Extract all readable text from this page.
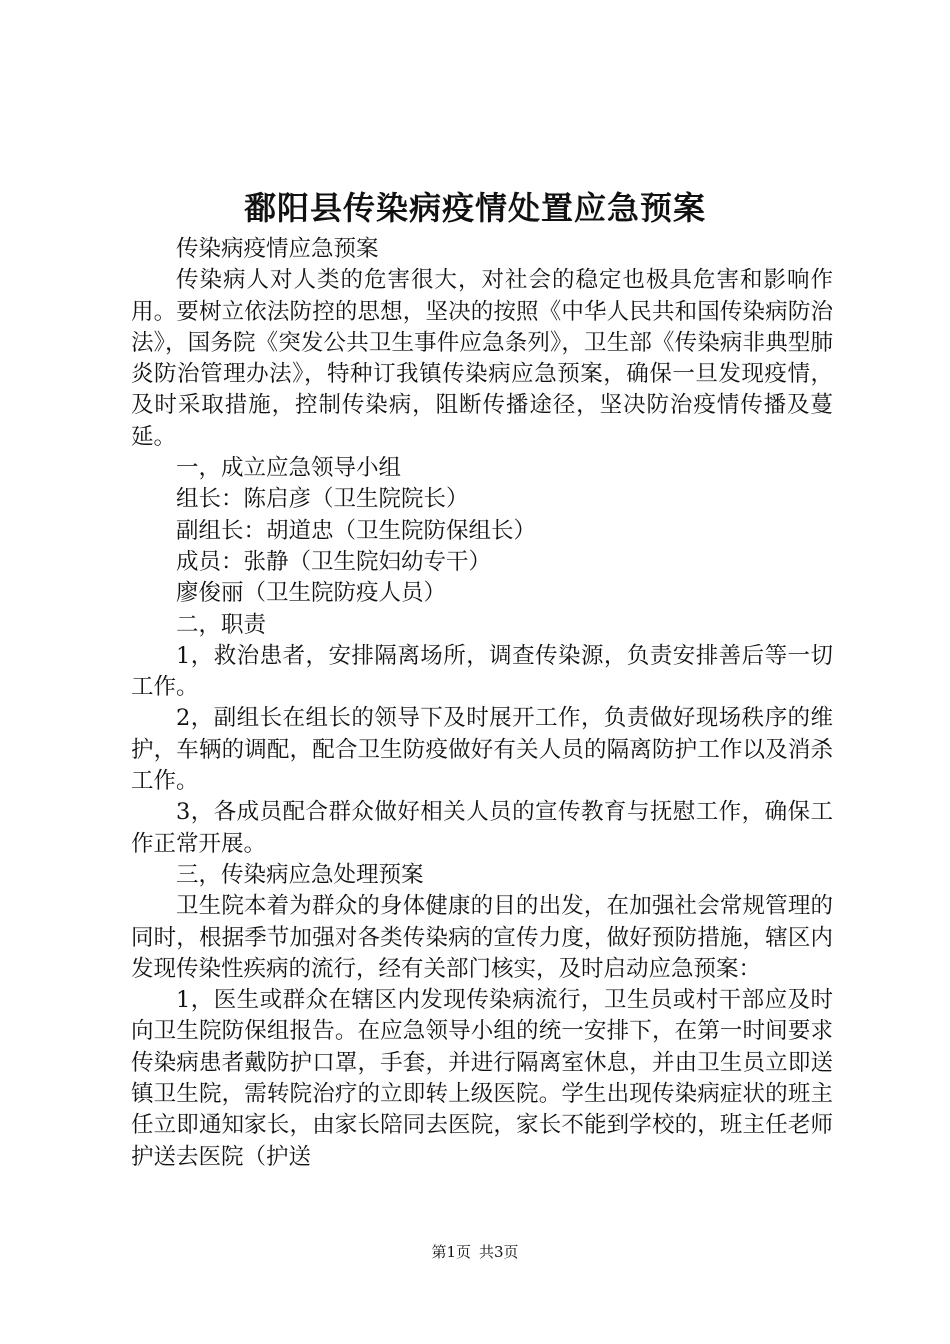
鄱阳县传染病疫情处置应急预案

传染病疫情应急预案

传染病人对人类的危害很大，对社会的稳定也极具危害和影响作用。要树立依法防控的思想，坚决的按照《中华人民共和国传染病防治法》，国务院《突发公共卫生事件应急条列》，卫生部《传染病非典型肺炎防治管理办法》，特种订我镇传染病应急预案，确保一旦发现疫情，及时采取措施，控制传染病，阻断传播途径，坚决防治疫情传播及蔓延。

一，成立应急领导小组

组长：陈启彦（卫生院院长）

副组长：胡道忠（卫生院防保组长）

成员：张静（卫生院妇幼专干）

廖俊丽（卫生院防疫人员）

二，职责

1，救治患者，安排隔离场所，调查传染源，负责安排善后等一切工作。

2，副组长在组长的领导下及时展开工作，负责做好现场秩序的维护，车辆的调配，配合卫生防疫做好有关人员的隔离防护工作以及消杀工作。

3，各成员配合群众做好相关人员的宣传教育与抚慰工作，确保工作正常开展。

三，传染病应急处理预案

卫生院本着为群众的身体健康的目的出发，在加强社会常规管理的同时，根据季节加强对各类传染病的宣传力度，做好预防措施，辖区内发现传染性疾病的流行，经有关部门核实，及时启动应急预案：

1，医生或群众在辖区内发现传染病流行，卫生员或村干部应及时向卫生院防保组报告。在应急领导小组的统一安排下，在第一时间要求传染病患者戴防护口罩，手套，并进行隔离室休息，并由卫生员立即送镇卫生院，需转院治疗的立即转上级医院。学生出现传染病症状的班主任立即通知家长，由家长陪同去医院，家长不能到学校的，班主任老师护送去医院（护送

第1页 共3页
